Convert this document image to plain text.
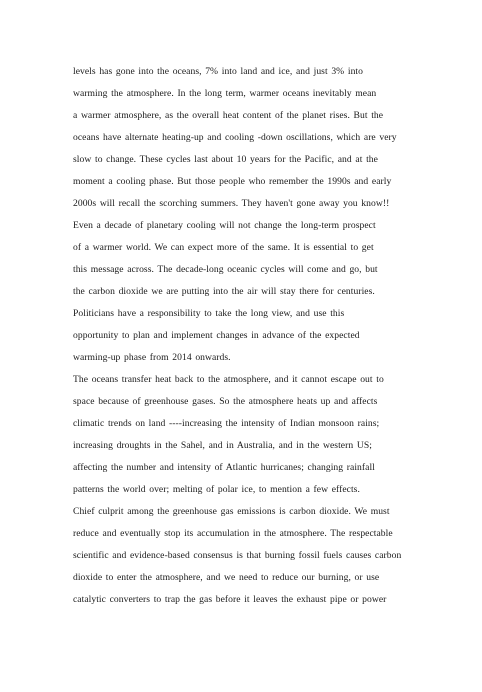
levels has gone into the oceans, 7% into land and ice, and just 3% into
warming the atmosphere. In the long term, warmer oceans inevitably mean
a warmer atmosphere, as the overall heat content of the planet rises. But the
oceans have alternate heating-up and cooling -down oscillations, which are very
slow to change. These cycles last about 10 years for the Pacific, and at the
moment a cooling phase. But those people who remember the 1990s and early
2000s will recall the scorching summers. They haven't gone away you know!!
Even a decade of planetary cooling will not change the long-term prospect
of a warmer world. We can expect more of the same. It is essential to get
this message across. The decade-long oceanic cycles will come and go, but
the carbon dioxide we are putting into the air will stay there for centuries.
Politicians have a responsibility to take the long view, and use this
opportunity to plan and implement changes in advance of the expected
warming-up phase from 2014 onwards.
The oceans transfer heat back to the atmosphere, and it cannot escape out to
space because of greenhouse gases. So the atmosphere heats up and affects
climatic trends on land ----increasing the intensity of Indian monsoon rains;
increasing droughts in the Sahel, and in Australia, and in the western US;
affecting the number and intensity of Atlantic hurricanes; changing rainfall
patterns the world over; melting of polar ice, to mention a few effects.
Chief culprit among the greenhouse gas emissions is carbon dioxide. We must
reduce and eventually stop its accumulation in the atmosphere. The respectable
scientific and evidence-based consensus is that burning fossil fuels causes carbon
dioxide to enter the atmosphere, and we need to reduce our burning, or use
catalytic converters to trap the gas before it leaves the exhaust pipe or power
